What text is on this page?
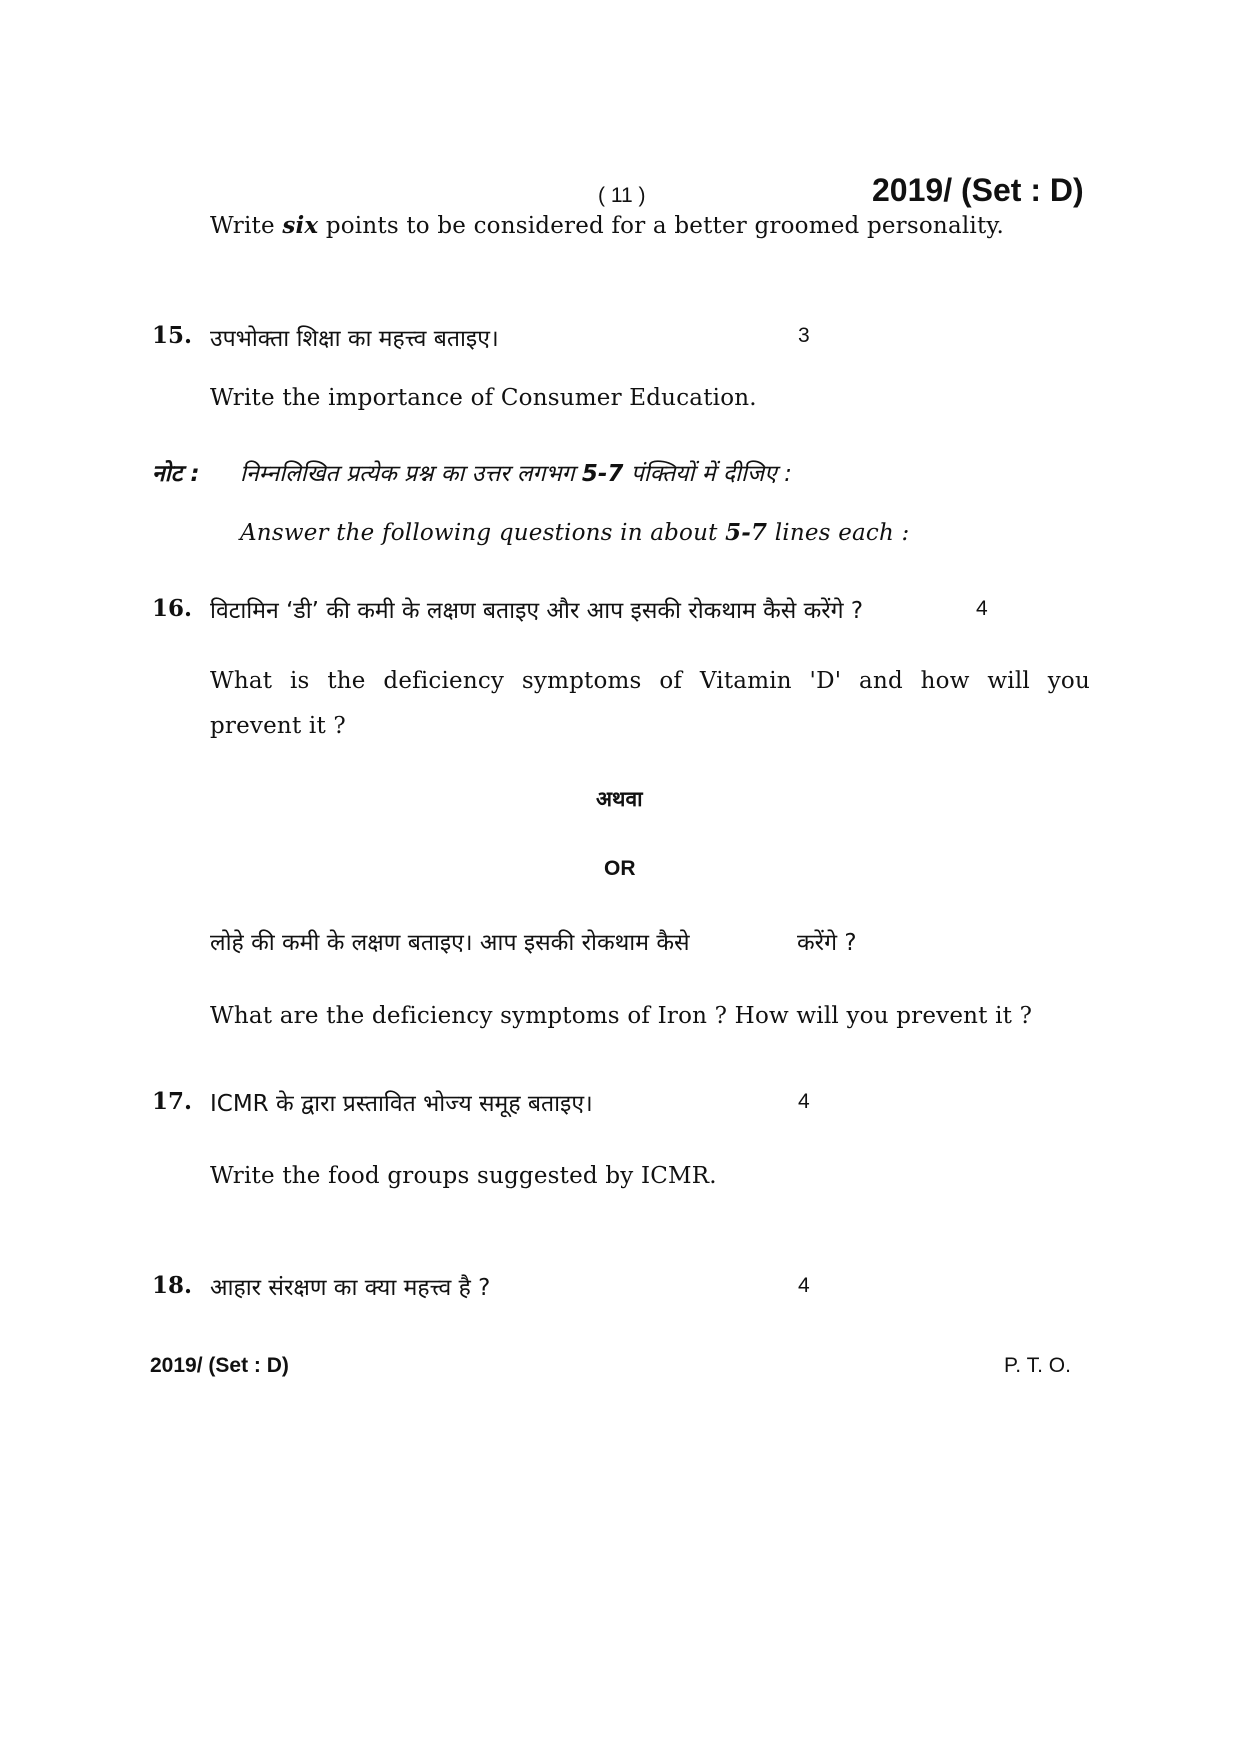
( 11 )	2019/ (Set : D)
Write six points to be considered for a better groomed personality.
15. उपभोक्ता शिक्षा का महत्त्व बताइए।	3
Write the importance of Consumer Education.
नोट : निम्नलिखित प्रत्येक प्रश्न का उत्तर लगभग 5-7 पंक्तियों में दीजिए :
Answer the following questions in about 5-7 lines each :
16. विटामिन ‘डी’ की कमी के लक्षण बताइए और आप इसकी रोकथाम कैसे करेंगे ?	4
What is the deficiency symptoms of Vitamin 'D' and how will you
prevent it ?
अथवा
OR
लोहे की कमी के लक्षण बताइए। आप इसकी रोकथाम कैसे	करेंगे ?
What are the deficiency symptoms of Iron ? How will you prevent it ?
17. ICMR के द्वारा प्रस्तावित भोज्य समूह बताइए।	4
Write the food groups suggested by ICMR.
18. आहार संरक्षण का क्या महत्त्व है ?	4
2019/ (Set : D)	P. T. O.
